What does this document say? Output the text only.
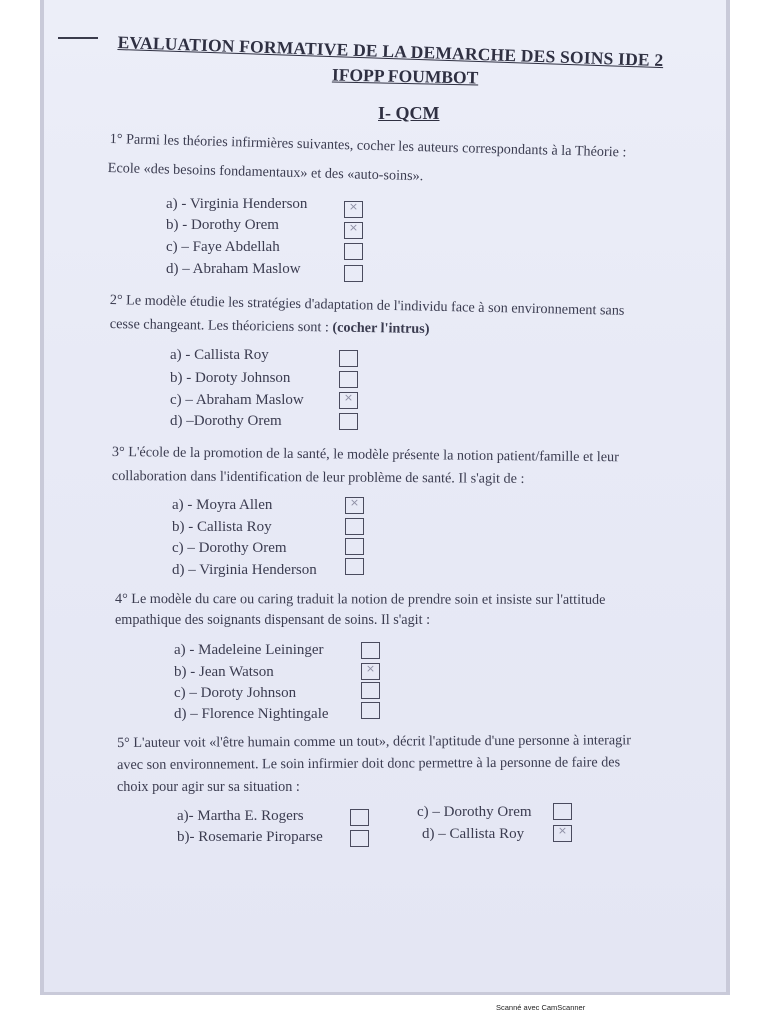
EVALUATION FORMATIVE DE LA DEMARCHE DES SOINS IDE 2
IFOPP FOUMBOT
I- QCM
1° Parmi les théories infirmières suivantes, cocher les auteurs correspondants à la Théorie :
Ecole «des besoins fondamentaux» et des «auto-soins».
a) - Virginia Henderson	×
b) - Dorothy Orem	×
c) – Faye Abdellah
d) – Abraham Maslow
2° Le modèle étudie les stratégies d'adaptation de l'individu face à son environnement sans
cesse changeant. Les théoriciens sont : (cocher l'intrus)
a) - Callista Roy
b) - Doroty Johnson
c) – Abraham Maslow	×
d) –Dorothy Orem
3° L'école de la promotion de la santé, le modèle présente la notion patient/famille et leur
collaboration dans l'identification de leur problème de santé. Il s'agit de :
a) - Moyra Allen	×
b) - Callista Roy
c) – Dorothy Orem
d) – Virginia Henderson
4° Le modèle du care ou caring traduit la notion de prendre soin et insiste sur l'attitude
empathique des soignants dispensant de soins. Il s'agit :
a) - Madeleine Leininger
b) - Jean Watson	×
c) – Doroty Johnson
d) – Florence Nightingale
5° L'auteur voit «l'être humain comme un tout», décrit l'aptitude d'une personne à interagir
avec son environnement. Le soin infirmier doit donc permettre à la personne de faire des
choix pour agir sur sa situation :
a)- Martha E. Rogers
b)- Rosemarie Piroparse
c) – Dorothy Orem
d) – Callista Roy	×
Scanné avec CamScanner
